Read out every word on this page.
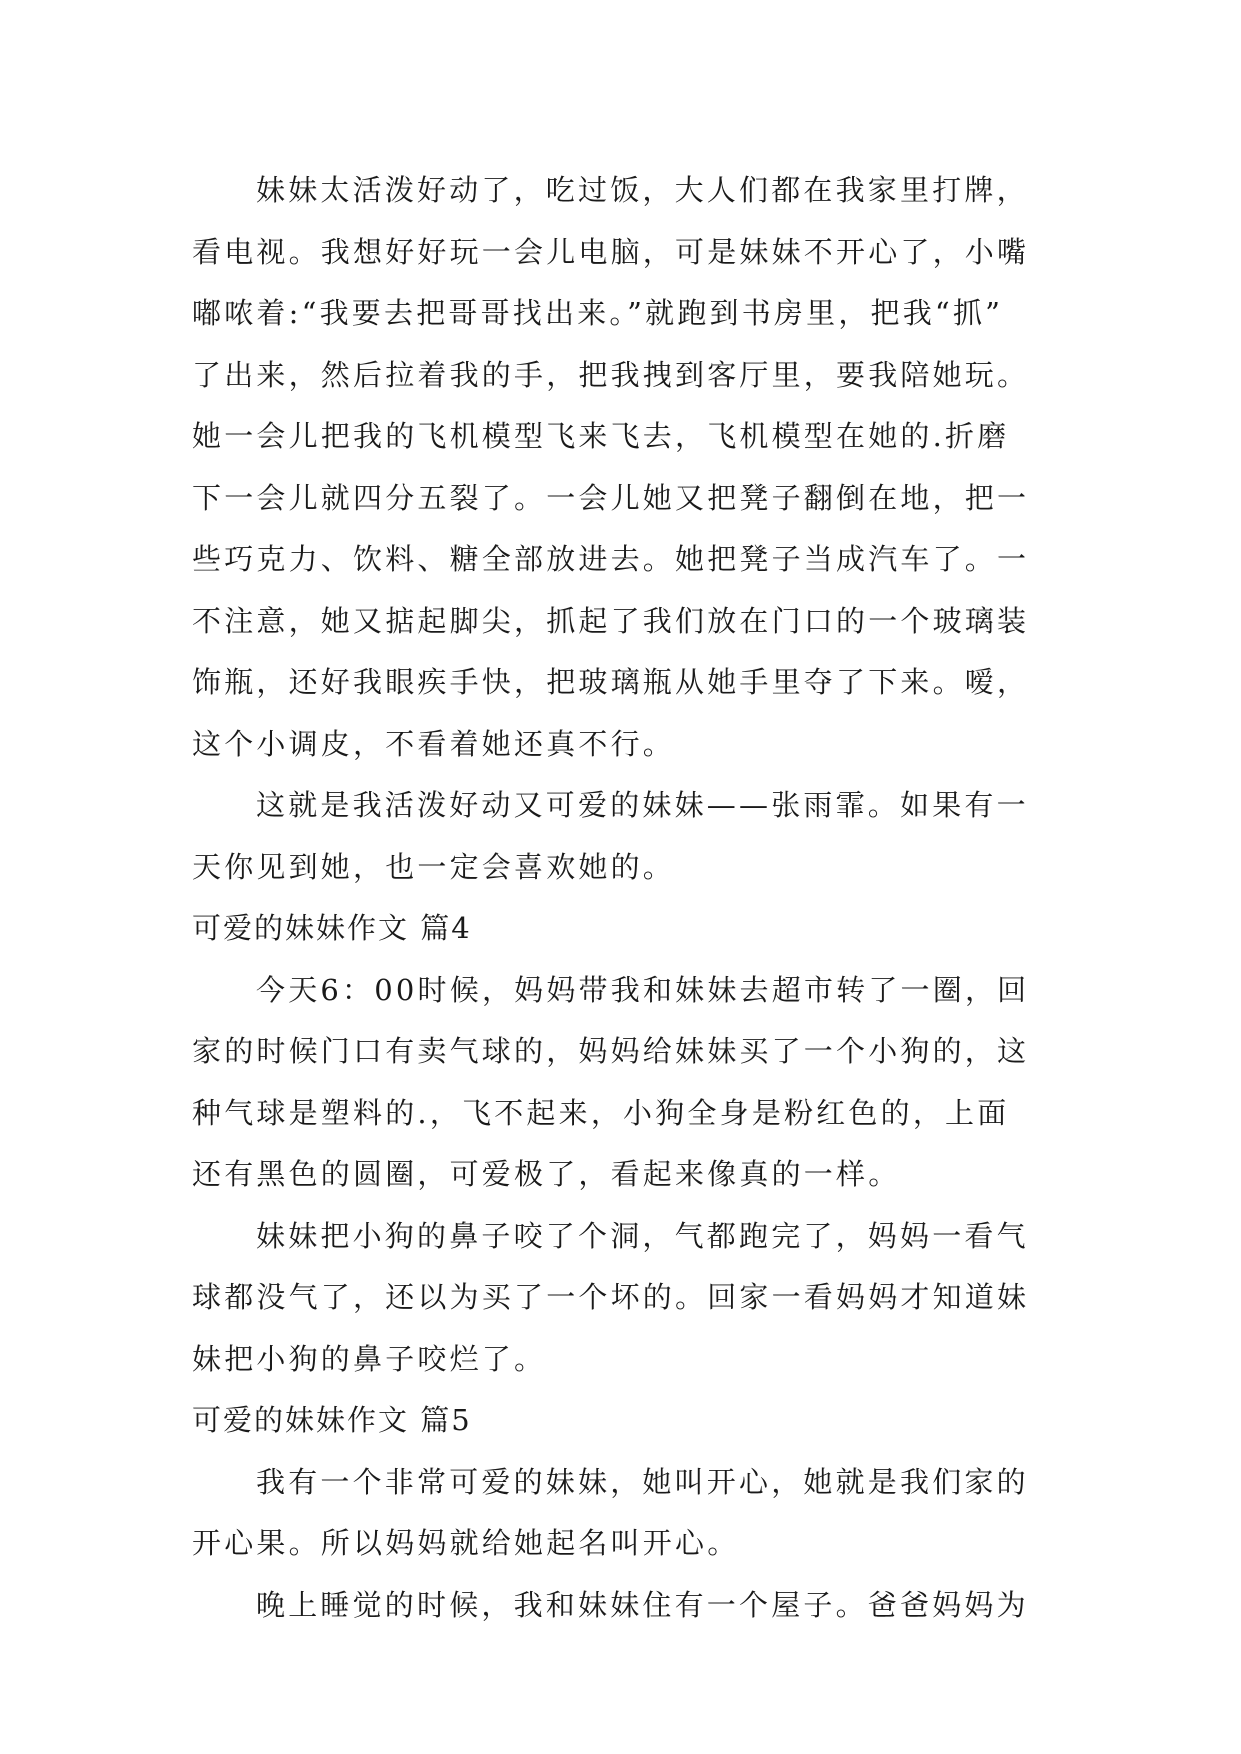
妹妹太活泼好动了，吃过饭，大人们都在我家里打牌，
看电视。我想好好玩一会儿电脑，可是妹妹不开心了，小嘴
嘟哝着:“我要去把哥哥找出来。”就跑到书房里，把我“抓”
了出来，然后拉着我的手，把我拽到客厅里，要我陪她玩。
她一会儿把我的飞机模型飞来飞去，飞机模型在她的.折磨
下一会儿就四分五裂了。一会儿她又把凳子翻倒在地，把一
些巧克力、饮料、糖全部放进去。她把凳子当成汽车了。一
不注意，她又掂起脚尖，抓起了我们放在门口的一个玻璃装
饰瓶，还好我眼疾手快，把玻璃瓶从她手里夺了下来。嗳，
这个小调皮，不看着她还真不行。
这就是我活泼好动又可爱的妹妹——张雨霏。如果有一
天你见到她，也一定会喜欢她的。
可爱的妹妹作文 篇4
今天6：00时候，妈妈带我和妹妹去超市转了一圈，回
家的时候门口有卖气球的，妈妈给妹妹买了一个小狗的，这
种气球是塑料的.，飞不起来，小狗全身是粉红色的，上面
还有黑色的圆圈，可爱极了，看起来像真的一样。
妹妹把小狗的鼻子咬了个洞，气都跑完了，妈妈一看气
球都没气了，还以为买了一个坏的。回家一看妈妈才知道妹
妹把小狗的鼻子咬烂了。
可爱的妹妹作文 篇5
我有一个非常可爱的妹妹，她叫开心，她就是我们家的
开心果。所以妈妈就给她起名叫开心。
晚上睡觉的时候，我和妹妹住有一个屋子。爸爸妈妈为
